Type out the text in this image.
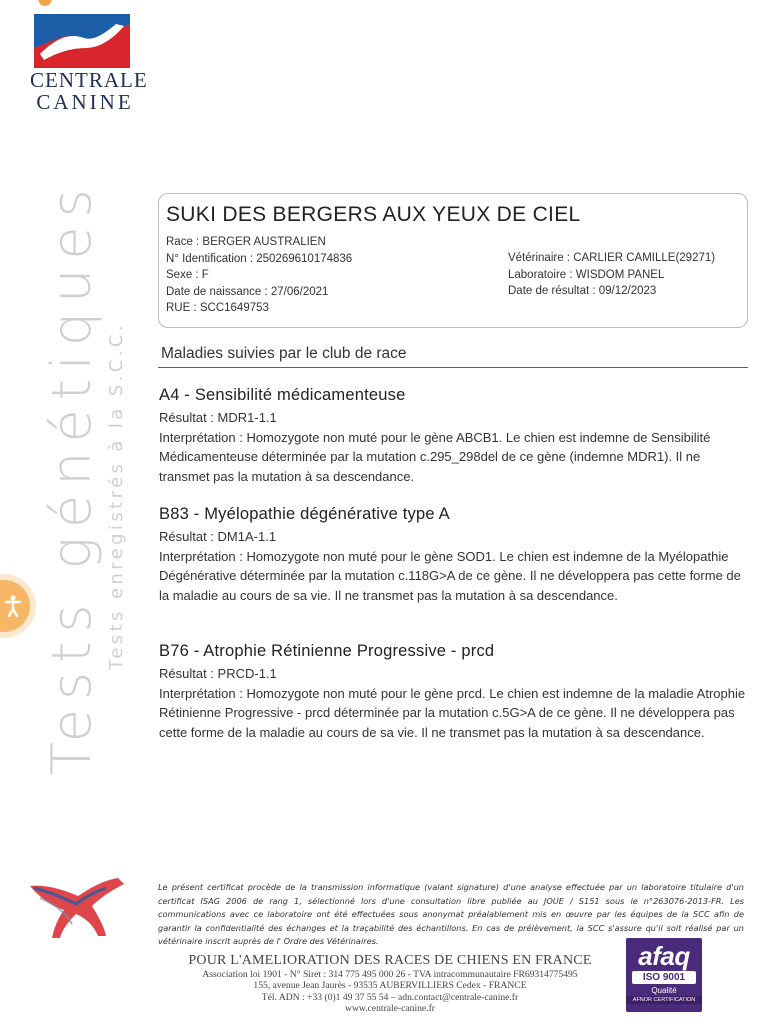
CENTRALE
CANINE
Tests génétiques Tests enregistrés à la S.C.C.
SUKI DES BERGERS AUX YEUX DE CIEL
Race : BERGER AUSTRALIEN
N° Identification : 250269610174836
Sexe : F
Date de naissance : 27/06/2021
RUE : SCC1649753
Vétérinaire : CARLIER CAMILLE(29271)
Laboratoire : WISDOM PANEL
Date de résultat : 09/12/2023
Maladies suivies par le club de race
A4 - Sensibilité médicamenteuse
Résultat : MDR1-1.1
Interprétation : Homozygote non muté pour le gène ABCB1. Le chien est indemne de Sensibilité Médicamenteuse déterminée par la mutation c.295_298del de ce gène (indemne MDR1). Il ne transmet pas la mutation à sa descendance.
B83 - Myélopathie dégénérative type A
Résultat : DM1A-1.1
Interprétation : Homozygote non muté pour le gène SOD1. Le chien est indemne de la Myélopathie Dégénérative déterminée par la mutation c.118G>A de ce gène. Il ne développera pas cette forme de la maladie au cours de sa vie. Il ne transmet pas la mutation à sa descendance.
B76 - Atrophie Rétinienne Progressive - prcd
Résultat : PRCD-1.1
Interprétation : Homozygote non muté pour le gène prcd. Le chien est indemne de la maladie Atrophie Rétinienne Progressive - prcd déterminée par la mutation c.5G>A de ce gène. Il ne développera pas cette forme de la maladie au cours de sa vie. Il ne transmet pas la mutation à sa descendance.
Le présent certificat procède de la transmission informatique (valant signature) d'une analyse effectuée par un laboratoire titulaire d'un certificat ISAG 2006 de rang 1, sélectionné lors d'une consultation libre publiée au JOUE / S151 sous le n°263076-2013-FR. Les communications avec ce laboratoire ont été effectuées sous anonymat préalablement mis en œuvre par les équipes de la SCC afin de garantir la confidentialité des échanges et la traçabilité des échantillons. En cas de prélèvement, la SCC s'assure qu'il soit réalisé par un vétérinaire inscrit auprès de l' Ordre des Vétérinaires.
POUR L'AMELIORATION DES RACES DE CHIENS EN FRANCE
Association loi 1901 - N° Siret : 314 775 495 000 26 - TVA intracommunautaire FR69314775495
155, avenue Jean Jaurès - 93535 AUBERVILLIERS Cedex - FRANCE
Tél. ADN : +33 (0)1 49 37 55 54 – adn.contact@centrale-canine.fr
www.centrale-canine.fr
afaq
ISO 9001
Qualité
AFNOR CERTIFICATION
